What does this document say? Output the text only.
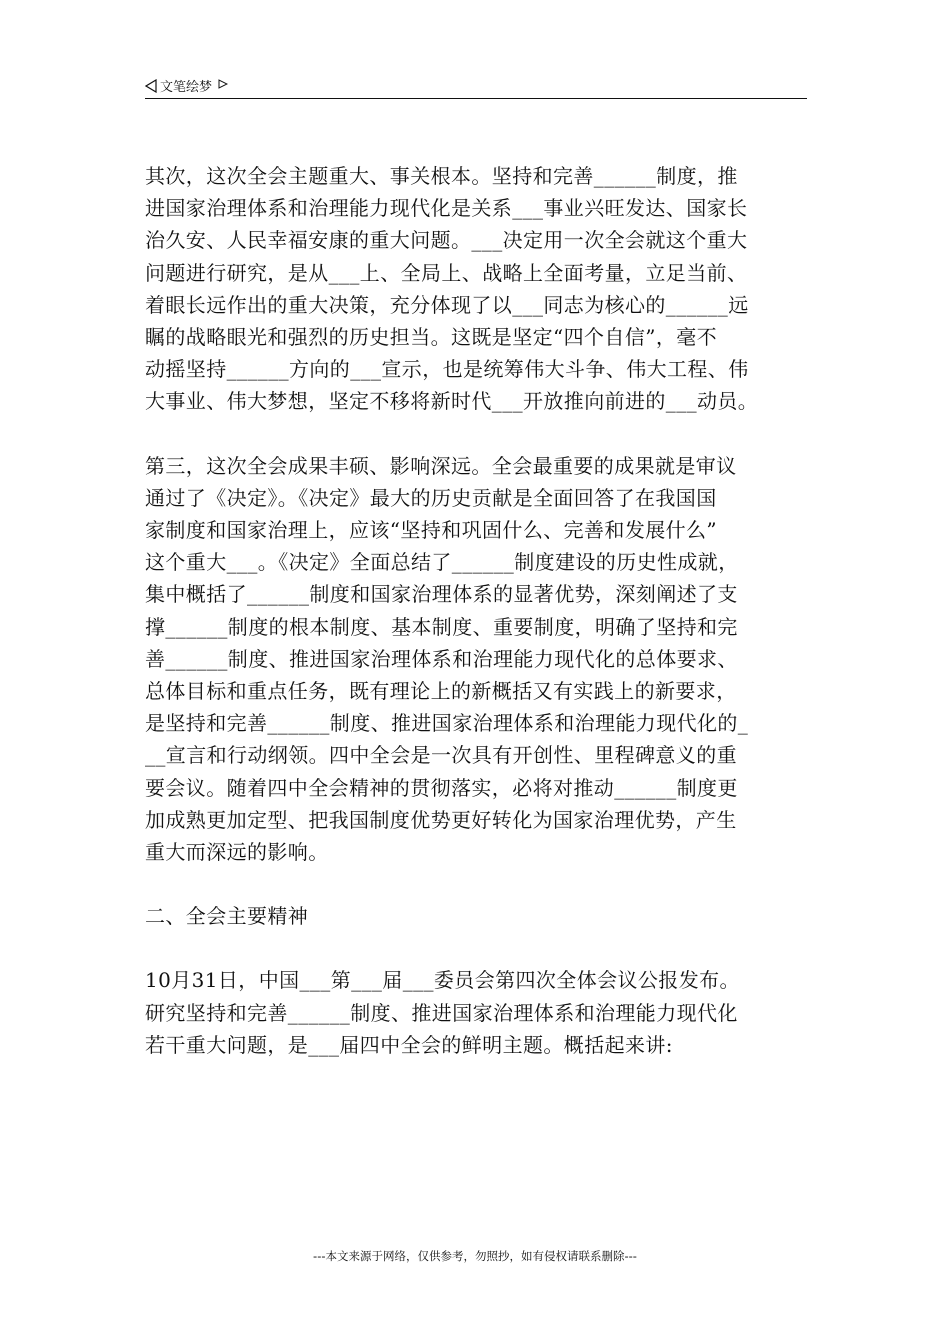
文笔绘梦

其次，这次全会主题重大、事关根本。坚持和完善______制度，推

进国家治理体系和治理能力现代化是关系___事业兴旺发达、国家长

治久安、人民幸福安康的重大问题。___决定用一次全会就这个重大

问题进行研究，是从___上、全局上、战略上全面考量，立足当前、

着眼长远作出的重大决策，充分体现了以___同志为核心的______远

瞩的战略眼光和强烈的历史担当。这既是坚定“四个自信”，毫不

动摇坚持______方向的___宣示，也是统筹伟大斗争、伟大工程、伟

大事业、伟大梦想，坚定不移将新时代___开放推向前进的___动员。

第三，这次全会成果丰硕、影响深远。全会最重要的成果就是审议

通过了《决定》。《决定》最大的历史贡献是全面回答了在我国国

家制度和国家治理上，应该“坚持和巩固什么、完善和发展什么”

这个重大___。《决定》全面总结了______制度建设的历史性成就，

集中概括了______制度和国家治理体系的显著优势，深刻阐述了支

撑______制度的根本制度、基本制度、重要制度，明确了坚持和完

善______制度、推进国家治理体系和治理能力现代化的总体要求、

总体目标和重点任务，既有理论上的新概括又有实践上的新要求，

是坚持和完善______制度、推进国家治理体系和治理能力现代化的_

__宣言和行动纲领。四中全会是一次具有开创性、里程碑意义的重

要会议。随着四中全会精神的贯彻落实，必将对推动______制度更

加成熟更加定型、把我国制度优势更好转化为国家治理优势，产生

重大而深远的影响。

二、全会主要精神

10月31日，中国___第___届___委员会第四次全体会议公报发布。

研究坚持和完善______制度、推进国家治理体系和治理能力现代化

若干重大问题，是___届四中全会的鲜明主题。概括起来讲:

---本文来源于网络，仅供参考，勿照抄，如有侵权请联系删除---
